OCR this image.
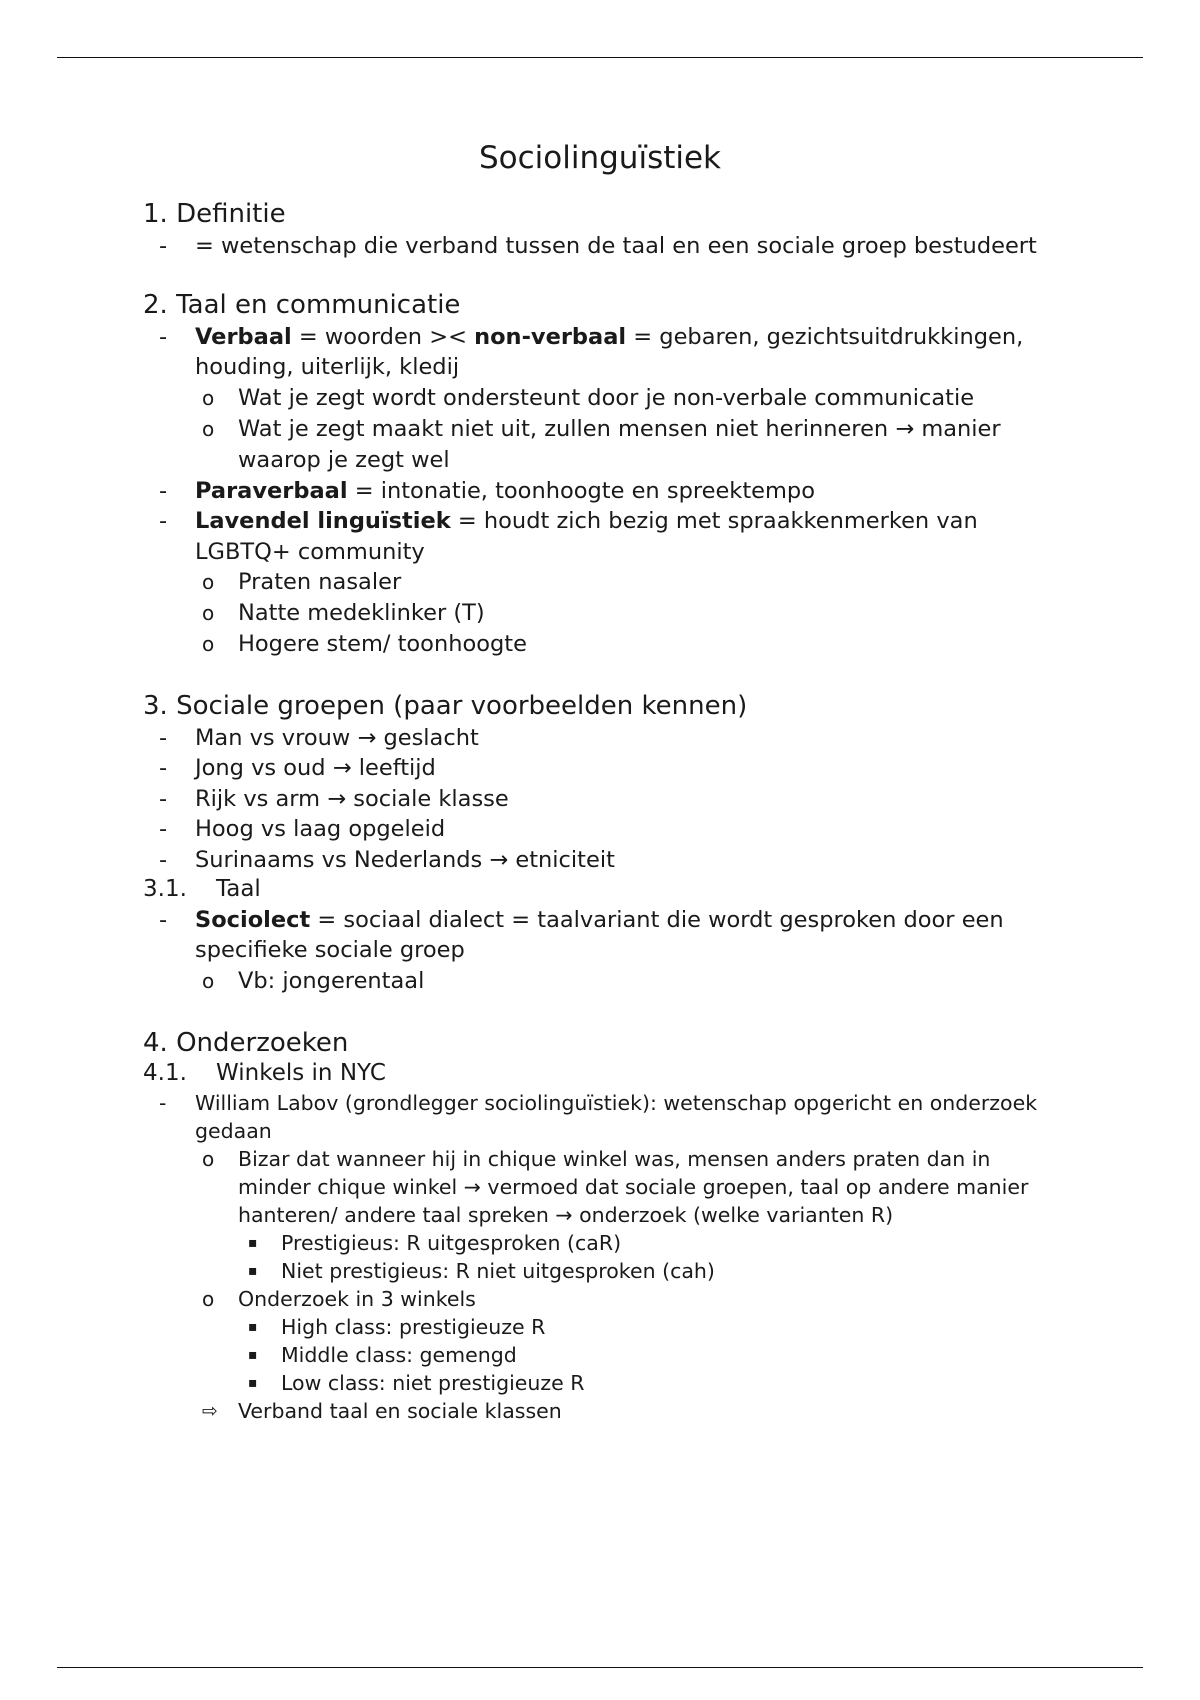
Sociolinguïstiek
1. Definitie
- = wetenschap die verband tussen de taal en een sociale groep bestudeert
2. Taal en communicatie
- Verbaal = woorden >< non-verbaal = gebaren, gezichtsuitdrukkingen, houding, uiterlijk, kledij
o Wat je zegt wordt ondersteunt door je non-verbale communicatie
o Wat je zegt maakt niet uit, zullen mensen niet herinneren → manier waarop je zegt wel
- Paraverbaal = intonatie, toonhoogte en spreektempo
- Lavendel linguïstiek = houdt zich bezig met spraakkenmerken van LGBTQ+ community
o Praten nasaler
o Natte medeklinker (T)
o Hogere stem/ toonhoogte
3. Sociale groepen (paar voorbeelden kennen)
- Man vs vrouw → geslacht
- Jong vs oud → leeftijd
- Rijk vs arm → sociale klasse
- Hoog vs laag opgeleid
- Surinaams vs Nederlands → etniciteit
3.1. Taal
- Sociolect = sociaal dialect = taalvariant die wordt gesproken door een specifieke sociale groep
o Vb: jongerentaal
4. Onderzoeken
4.1. Winkels in NYC
- William Labov (grondlegger sociolinguïstiek): wetenschap opgericht en onderzoek gedaan
o Bizar dat wanneer hij in chique winkel was, mensen anders praten dan in minder chique winkel → vermoed dat sociale groepen, taal op andere manier hanteren/ andere taal spreken → onderzoek (welke varianten R)
▪ Prestigieus: R uitgesproken (caR)
▪ Niet prestigieus: R niet uitgesproken (cah)
o Onderzoek in 3 winkels
▪ High class: prestigieuze R
▪ Middle class: gemengd
▪ Low class: niet prestigieuze R
⇨ Verband taal en sociale klassen
